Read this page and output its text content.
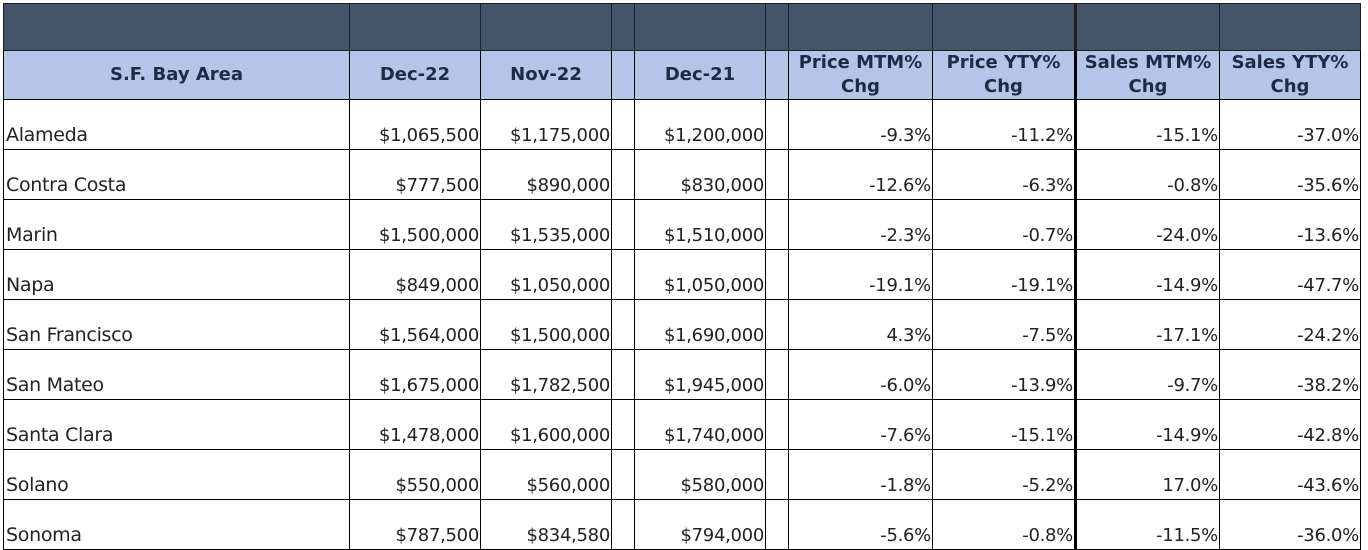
S.F. Bay Area	Dec-22	Nov-22		Dec-21		Price MTM% Chg	Price YTY% Chg	Sales MTM% Chg	Sales YTY% Chg
Alameda	$1,065,500	$1,175,000		$1,200,000		-9.3%	-11.2%	-15.1%	-37.0%
Contra Costa	$777,500	$890,000		$830,000		-12.6%	-6.3%	-0.8%	-35.6%
Marin	$1,500,000	$1,535,000		$1,510,000		-2.3%	-0.7%	-24.0%	-13.6%
Napa	$849,000	$1,050,000		$1,050,000		-19.1%	-19.1%	-14.9%	-47.7%
San Francisco	$1,564,000	$1,500,000		$1,690,000		4.3%	-7.5%	-17.1%	-24.2%
San Mateo	$1,675,000	$1,782,500		$1,945,000		-6.0%	-13.9%	-9.7%	-38.2%
Santa Clara	$1,478,000	$1,600,000		$1,740,000		-7.6%	-15.1%	-14.9%	-42.8%
Solano	$550,000	$560,000		$580,000		-1.8%	-5.2%	17.0%	-43.6%
Sonoma	$787,500	$834,580		$794,000		-5.6%	-0.8%	-11.5%	-36.0%
